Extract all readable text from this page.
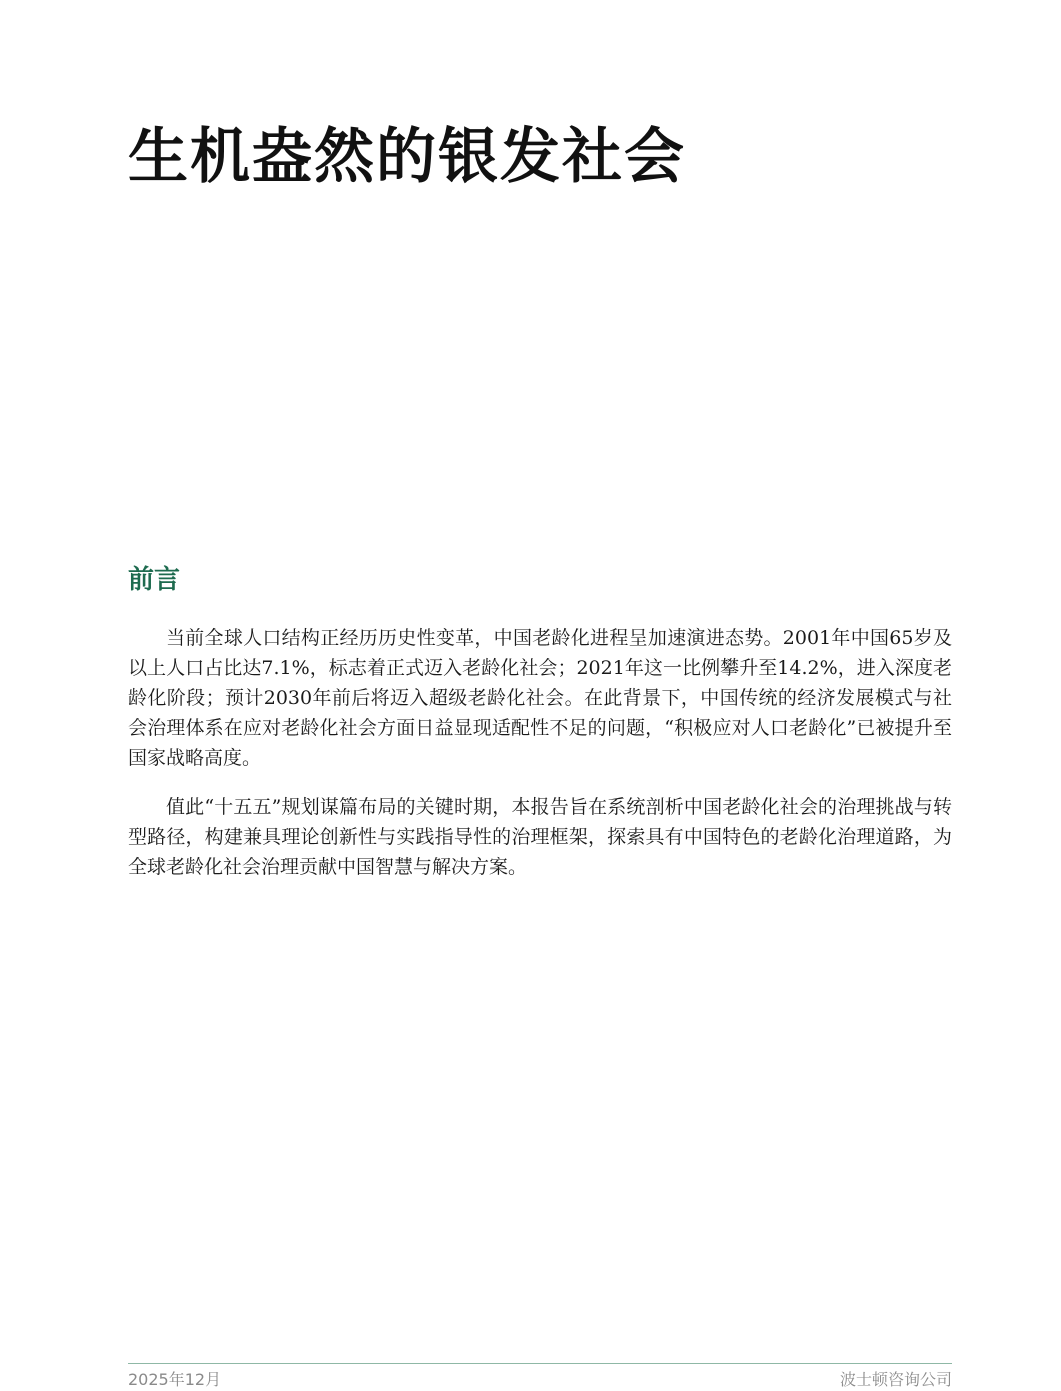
生机盎然的银发社会
前言

当前全球人口结构正经历历史性变革，中国老龄化进程呈加速演进态势。2001年中国65岁及以上人口占比达7.1%，标志着正式迈入老龄化社会；2021年这一比例攀升至14.2%，进入深度老龄化阶段；预计2030年前后将迈入超级老龄化社会。在此背景下，中国传统的经济发展模式与社会治理体系在应对老龄化社会方面日益显现适配性不足的问题，“积极应对人口老龄化”已被提升至国家战略高度。

值此“十五五”规划谋篇布局的关键时期，本报告旨在系统剖析中国老龄化社会的治理挑战与转型路径，构建兼具理论创新性与实践指导性的治理框架，探索具有中国特色的老龄化治理道路，为全球老龄化社会治理贡献中国智慧与解决方案。

2025年12月	波士顿咨询公司
